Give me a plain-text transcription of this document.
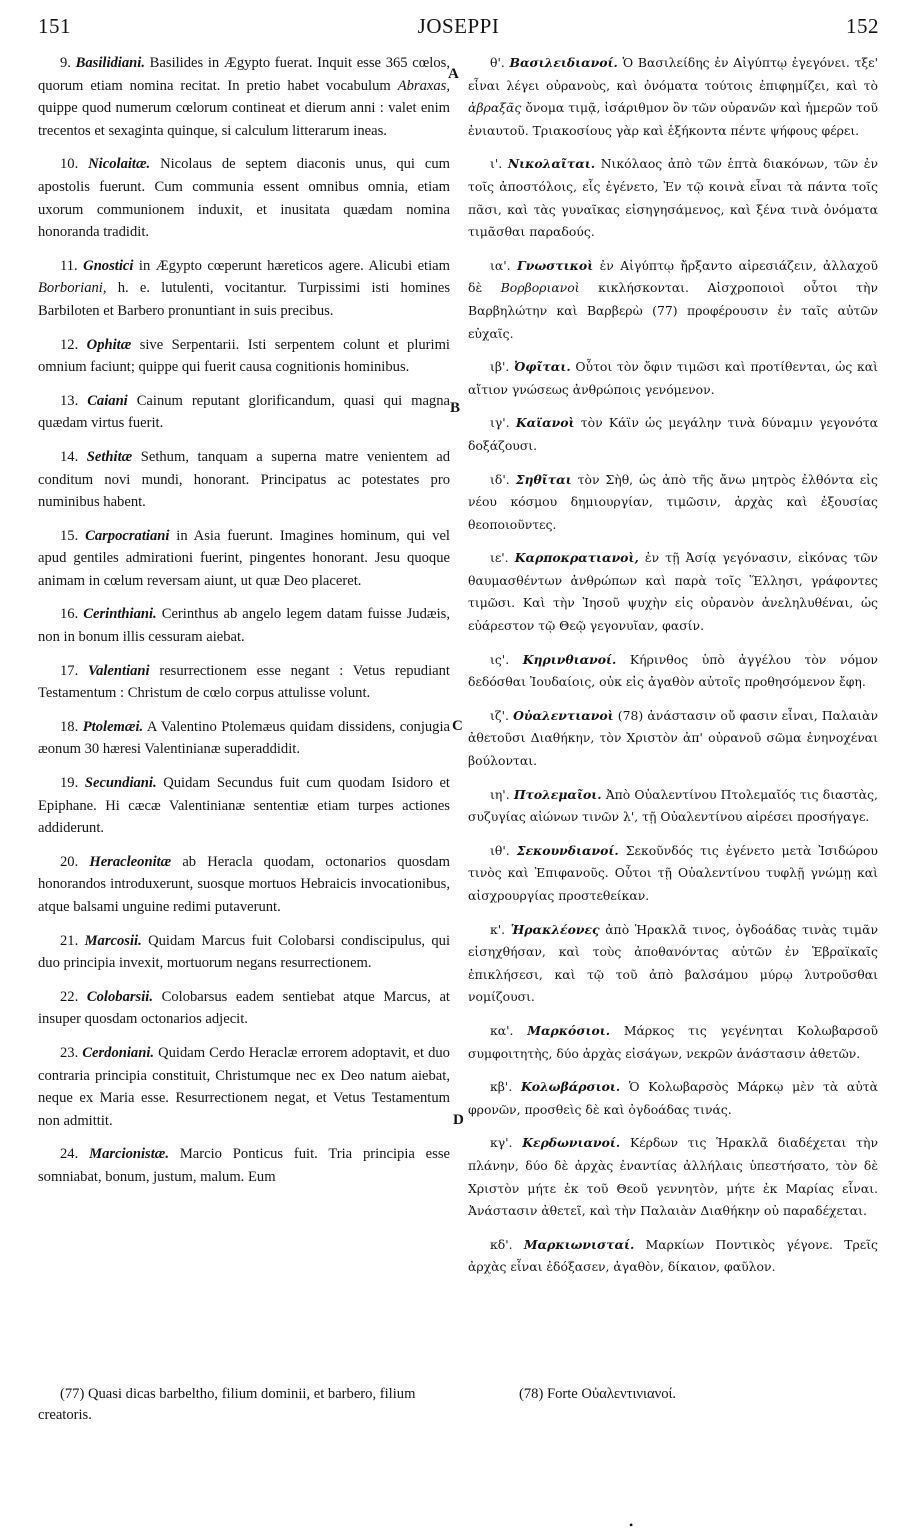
151	JOSEPPI	152

9. Basilidiani. Basilides in Ægypto fuerat. Inquit esse 365 cœlos, quorum etiam nomina recitat. In pretio habet vocabulum Abraxas, quippe quod numerum cœlorum contineat et dierum anni : valet enim trecentos et sexaginta quinque, si calculum litterarum ineas.

10. Nicolaitæ. Nicolaus de septem diaconis unus, qui cum apostolis fuerunt. Cum communia essent omnibus omnia, etiam uxorum communionem induxit, et inusitata quædam nomina honoranda tradidit.

11. Gnostici in Ægypto cœperunt hæreticos agere. Alicubi etiam Borboriani, h. e. lutulenti, vocitantur. Turpissimi isti homines Barbiloten et Barbero pronuntiant in suis precibus.

12. Ophitæ sive Serpentarii. Isti serpentem colunt et plurimi omnium faciunt; quippe qui fuerit causa cognitionis hominibus.

13. Caiani Cainum reputant glorificandum, quasi qui magna quædam virtus fuerit.

14. Sethitæ Sethum, tanquam a superna matre venientem ad conditum novi mundi, honorant. Principatus ac potestates pro numinibus habent.

15. Carpocratiani in Asia fuerunt. Imagines hominum, qui vel apud gentiles admirationi fuerint, pingentes honorant. Jesu quoque animam in cœlum reversam aiunt, ut quæ Deo placeret.

16. Cerinthiani. Cerinthus ab angelo legem datam fuisse Judæis, non in bonum illis cessuram aiebat.

17. Valentiani resurrectionem esse negant : Vetus repudiant Testamentum : Christum de cœlo corpus attulisse volunt.

18. Ptolemæi. A Valentino Ptolemæus quidam dissidens, conjugia æonum 30 hæresi Valentinianæ superaddidit.

19. Secundiani. Quidam Secundus fuit cum quodam Isidoro et Epiphane. Hi cæcæ Valentinianæ sententiæ etiam turpes actiones addiderunt.

20. Heracleonitæ ab Heracla quodam, octonarios quosdam honorandos introduxerunt, suosque mortuos Hebraicis invocationibus, atque balsami unguine redimi putaverunt.

21. Marcosii. Quidam Marcus fuit Colobarsi condiscipulus, qui duo principia invexit, mortuorum negans resurrectionem.

22. Colobarsii. Colobarsus eadem sentiebat atque Marcus, at insuper quosdam octonarios adjecit.

23. Cerdoniani. Quidam Cerdo Heraclæ errorem adoptavit, et duo contraria principia constituit, Christumque nec ex Deo natum aiebat, neque ex Maria esse. Resurrectionem negat, et Vetus Testamentum non admittit.

24. Marcionistæ. Marcio Ponticus fuit. Tria principia esse somniabat, bonum, justum, malum. Eum

θ'. Βασιλειδιανοί. Ὁ Βασιλείδης ἐν Αἰγύπτῳ ἐγεγόνει. τξε' εἶναι λέγει οὐρανοὺς, καὶ ὀνόματα τούτοις ἐπιφημίζει, καὶ τὸ ἀβραξᾶς ὄνομα τιμᾷ, ἰσάριθμον ὂν τῶν οὐρανῶν καὶ ἡμερῶν τοῦ ἐνιαυτοῦ. Τριακοσίους γὰρ καὶ ἑξήκοντα πέντε ψήφους φέρει.

ι'. Νικολαῖται. Νικόλαος ἀπὸ τῶν ἑπτὰ διακόνων, τῶν ἐν τοῖς ἀποστόλοις, εἷς ἐγένετο, Ἐν τῷ κοινὰ εἶναι τὰ πάντα τοῖς πᾶσι, καὶ τὰς γυναῖκας εἰσηγησάμενος, καὶ ξένα τινὰ ὀνόματα τιμᾶσθαι παραδούς.

ια'. Γνωστικοὶ ἐν Αἰγύπτῳ ἤρξαντο αἱρεσιάζειν, ἀλλαχοῦ δὲ Βορβοριανοὶ κικλήσκονται. Αἰσχροποιοὶ οὗτοι τὴν Βαρβηλώτην καὶ Βαρβερὼ (77) προφέρουσιν ἐν ταῖς αὐτῶν εὐχαῖς.

ιβ'. Ὀφῖται. Οὗτοι τὸν ὄφιν τιμῶσι καὶ προτίθενται, ὡς καὶ αἴτιον γνώσεως ἀνθρώποις γενόμενον.

ιγ'. Καϊανοὶ τὸν Κάϊν ὡς μεγάλην τινὰ δύναμιν γεγονότα δοξάζουσι.

ιδ'. Σηθῖται τὸν Σὴθ, ὡς ἀπὸ τῆς ἄνω μητρὸς ἐλθόντα εἰς νέου κόσμου δημιουργίαν, τιμῶσιν, ἀρχὰς καὶ ἐξουσίας θεοποιοῦντες.

ιε'. Καρποκρατιανοὶ, ἐν τῇ Ἀσίᾳ γεγόνασιν, εἰκόνας τῶν θαυμασθέντων ἀνθρώπων καὶ παρὰ τοῖς Ἕλλησι, γράφοντες τιμῶσι. Καὶ τὴν Ἰησοῦ ψυχὴν εἰς οὐρανὸν ἀνεληλυθέναι, ὡς εὐάρεστον τῷ Θεῷ γεγονυῖαν, φασίν.

ις'. Κηρινθιανοί. Κήρινθος ὑπὸ ἀγγέλου τὸν νόμον δεδόσθαι Ἰουδαίοις, οὐκ εἰς ἀγαθὸν αὐτοῖς προθησόμενον ἔφη.

ιζ'. Οὐαλεντιανοὶ (78) ἀνάστασιν οὔ φασιν εἶναι, Παλαιὰν ἀθετοῦσι Διαθήκην, τὸν Χριστὸν ἀπ' οὐρανοῦ σῶμα ἐνηνοχέναι βούλονται.

ιη'. Πτολεμαῖοι. Ἀπὸ Οὐαλεντίνου Πτολεμαῖός τις διαστὰς, συζυγίας αἰώνων τινῶν λ', τῇ Οὐαλεντίνου αἱρέσει προσήγαγε.

ιθ'. Σεκουνδιανοί. Σεκοῦνδός τις ἐγένετο μετὰ Ἰσιδώρου τινὸς καὶ Ἐπιφανοῦς. Οὗτοι τῇ Οὐαλεντίνου τυφλῇ γνώμῃ καὶ αἰσχρουργίας προστεθείκαν.

κ'. Ἡρακλέονες ἀπὸ Ἡρακλᾶ τινος, ὀγδοάδας τινὰς τιμᾶν εἰσηχθήσαν, καὶ τοὺς ἀποθανόντας αὐτῶν ἐν Ἑβραϊκαῖς ἐπικλήσεσι, καὶ τῷ τοῦ ἀπὸ βαλσάμου μύρῳ λυτροῦσθαι νομίζουσι.

κα'. Μαρκόσιοι. Μάρκος τις γεγένηται Κολωβαρσοῦ συμφοιτητὴς, δύο ἀρχὰς εἰσάγων, νεκρῶν ἀνάστασιν ἀθετῶν.

κβ'. Κολωβάρσιοι. Ὁ Κολωβαρσὸς Μάρκῳ μὲν τὰ αὐτὰ φρονῶν, προσθεὶς δὲ καὶ ὀγδοάδας τινάς.

κγ'. Κερδωνιανοί. Κέρδων τις Ἡρακλᾶ διαδέχεται τὴν πλάνην, δύο δὲ ἀρχὰς ἐναντίας ἀλλήλαις ὑπεστήσατο, τὸν δὲ Χριστὸν μήτε ἐκ τοῦ Θεοῦ γεννητὸν, μήτε ἐκ Μαρίας εἶναι. Ἀνάστασιν ἀθετεῖ, καὶ τὴν Παλαιὰν Διαθήκην οὐ παραδέχεται.

κδ'. Μαρκιωνισταί. Μαρκίων Ποντικὸς γέγονε. Τρεῖς ἀρχὰς εἶναι ἐδόξασεν, ἀγαθὸν, δίκαιον, φαῦλον.

A
B
C
D

(77) Quasi dicas barbeltho, filium dominii, et barbero, filium creatoris.

(78) Forte Οὐαλεντινιανοί.

•
